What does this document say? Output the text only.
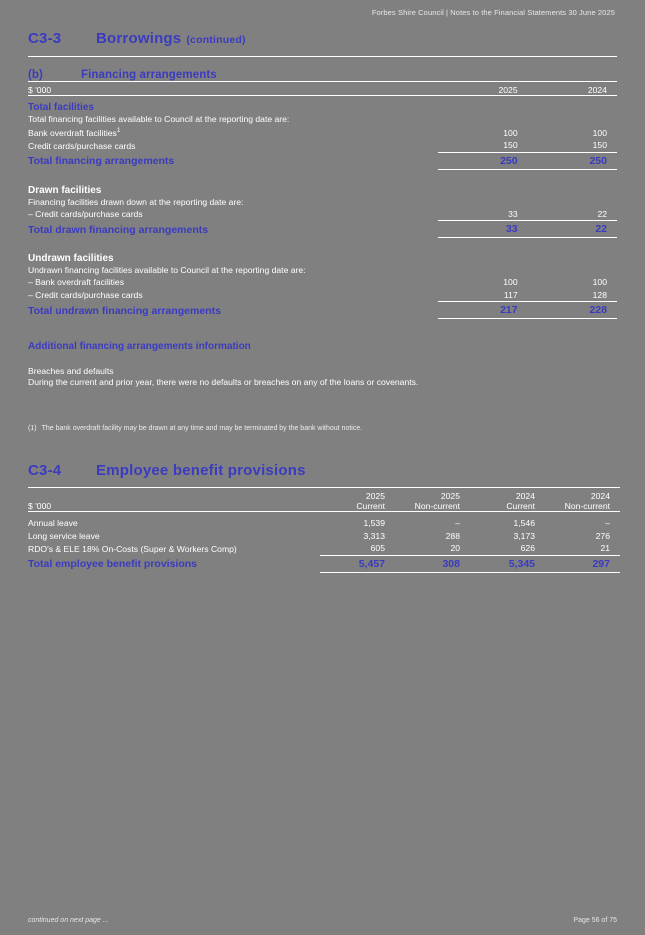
Forbes Shire Council | Notes to the Financial Statements 30 June 2025
C3-3	Borrowings (continued)
(b)	Financing arrangements

$ '000	2025	2024

Total facilities		
Total financing facilities available to Council at the reporting date are:		
Bank overdraft facilities$^1$	100	100
Credit cards/purchase cards	150	150
Total financing arrangements	250	250

Drawn facilities		
Financing facilities drawn down at the reporting date are:		
– Credit cards/purchase cards	33	22
Total drawn financing arrangements	33	22

Undrawn facilities		
Undrawn financing facilities available to Council at the reporting date are:		
– Bank overdraft facilities	100	100
– Credit cards/purchase cards	117	128
Total undrawn financing arrangements	217	228
Additional financing arrangements information
Breaches and defaults
During the current and prior year, there were no defaults or breaches on any of the loans or covenants.
(1) The bank overdraft facility may be drawn at any time and may be terminated by the bank without notice.
C3-4	Employee benefit provisions

	2025	2025	2024	2024
$ '000	Current	Non-current	Current	Non-current

Annual leave	1,539	–	1,546	–
Long service leave	3,313	288	3,173	276
RDO's & ELE 18% On-Costs (Super & Workers Comp)	605	20	626	21
Total employee benefit provisions	5,457	308	5,345	297
continued on next page ...	Page 56 of 75
